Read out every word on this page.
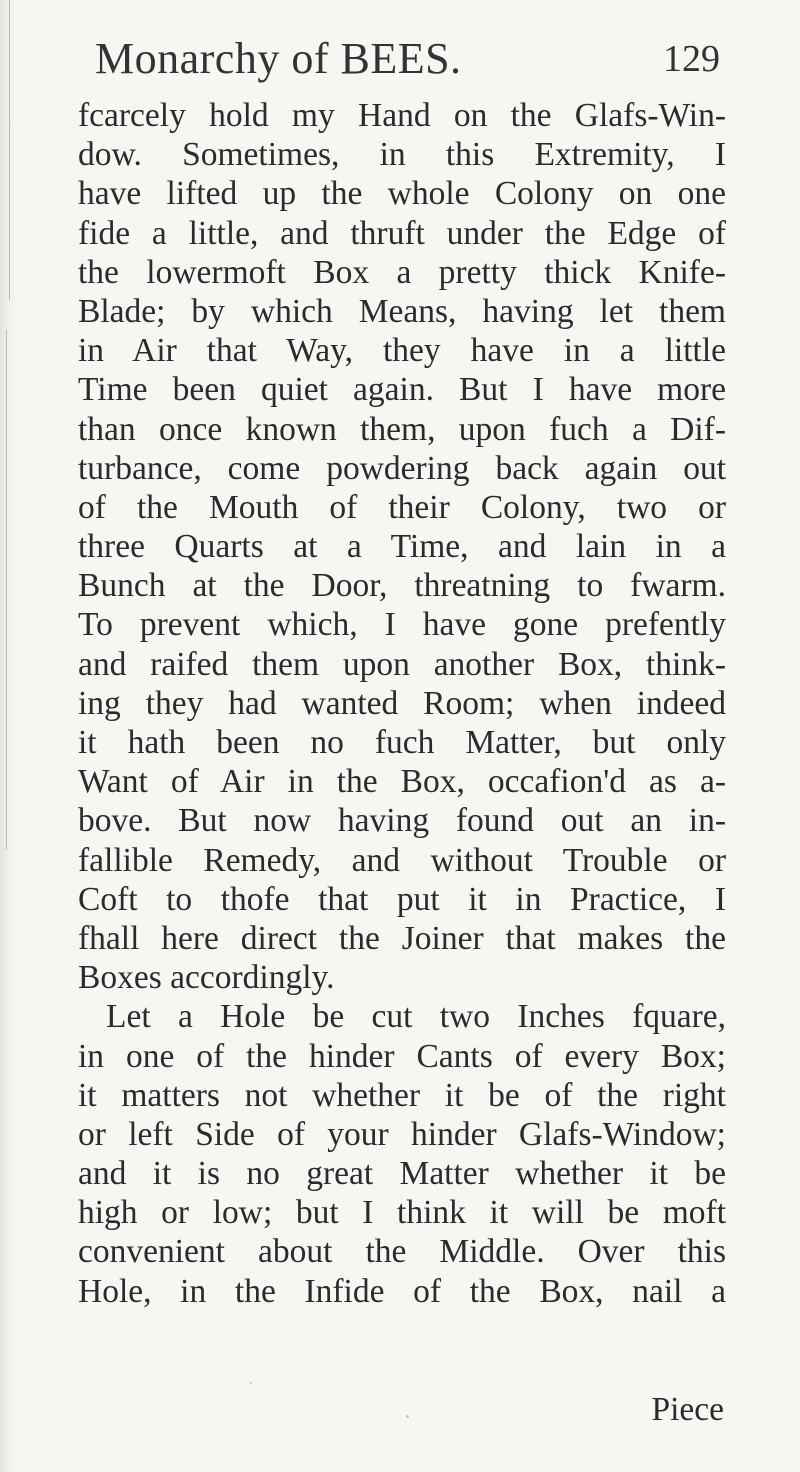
Monarchy of BEES.	129
fcarcely hold my Hand on the Glafs-Win-
dow. Sometimes, in this Extremity, I
have lifted up the whole Colony on one
fide a little, and thruft under the Edge of
the lowermoft Box a pretty thick Knife-
Blade; by which Means, having let them
in Air that Way, they have in a little
Time been quiet again. But I have more
than once known them, upon fuch a Dif-
turbance, come powdering back again out
of the Mouth of their Colony, two or
three Quarts at a Time, and lain in a
Bunch at the Door, threatning to fwarm.
To prevent which, I have gone prefently
and raifed them upon another Box, think-
ing they had wanted Room; when indeed
it hath been no fuch Matter, but only
Want of Air in the Box, occafion'd as a-
bove. But now having found out an in-
fallible Remedy, and without Trouble or
Coft to thofe that put it in Practice, I
fhall here direct the Joiner that makes the
Boxes accordingly.
Let a Hole be cut two Inches fquare,
in one of the hinder Cants of every Box;
it matters not whether it be of the right
or left Side of your hinder Glafs-Window;
and it is no great Matter whether it be
high or low; but I think it will be moft
convenient about the Middle. Over this
Hole, in the Infide of the Box, nail a
Piece
